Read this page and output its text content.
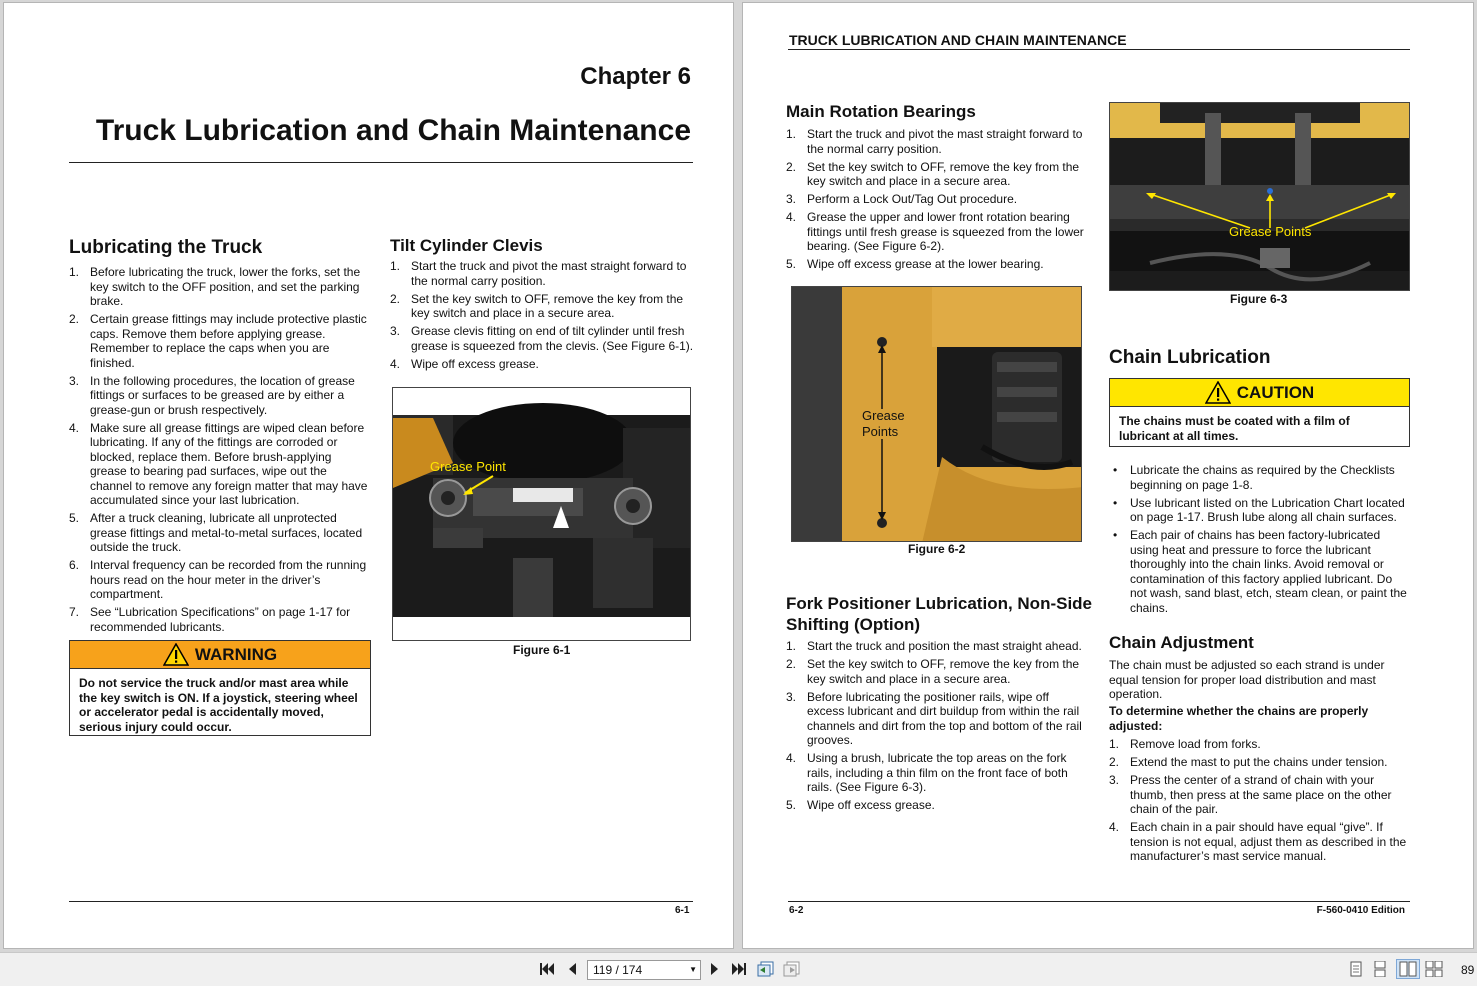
Chapter 6
Truck Lubrication and Chain Maintenance
Lubricating the Truck
1. Before lubricating the truck, lower the forks, set the key switch to the OFF position, and set the parking brake.
2. Certain grease fittings may include protective plastic caps. Remove them before applying grease. Remember to replace the caps when you are finished.
3. In the following procedures, the location of grease fittings or surfaces to be greased are by either a grease-gun or brush respectively.
4. Make sure all grease fittings are wiped clean before lubricating. If any of the fittings are corroded or blocked, replace them. Before brush-applying grease to bearing pad surfaces, wipe out the channel to remove any foreign matter that may have accumulated since your last lubrication.
5. After a truck cleaning, lubricate all unprotected grease fittings and metal-to-metal surfaces, located outside the truck.
6. Interval frequency can be recorded from the running hours read on the hour meter in the driver’s compartment.
7. See “Lubrication Specifications” on page 1-17 for recommended lubricants.
WARNING
Do not service the truck and/or mast area while the key switch is ON. If a joystick, steering wheel or accelerator pedal is accidentally moved, serious injury could occur.
Tilt Cylinder Clevis
1. Start the truck and pivot the mast straight forward to the normal carry position.
2. Set the key switch to OFF, remove the key from the key switch and place in a secure area.
3. Grease clevis fitting on end of tilt cylinder until fresh grease is squeezed from the clevis. (See Figure 6-1).
4. Wipe off excess grease.
Grease Point
Figure 6-1
6-1
TRUCK LUBRICATION AND CHAIN MAINTENANCE
Main Rotation Bearings
1. Start the truck and pivot the mast straight forward to the normal carry position.
2. Set the key switch to OFF, remove the key from the key switch and place in a secure area.
3. Perform a Lock Out/Tag Out procedure.
4. Grease the upper and lower front rotation bearing fittings until fresh grease is squeezed from the lower bearing. (See Figure 6-2).
5. Wipe off excess grease at the lower bearing.
Grease
Points
Figure 6-2
Fork Positioner Lubrication, Non-Side
Shifting (Option)
1. Start the truck and position the mast straight ahead.
2. Set the key switch to OFF, remove the key from the key switch and place in a secure area.
3. Before lubricating the positioner rails, wipe off excess lubricant and dirt buildup from within the rail channels and dirt from the top and bottom of the rail grooves.
4. Using a brush, lubricate the top areas on the fork rails, including a thin film on the front face of both rails. (See Figure 6-3).
5. Wipe off excess grease.
Grease Points
Figure 6-3
Chain Lubrication
CAUTION
The chains must be coated with a film of lubricant at all times.
• Lubricate the chains as required by the Checklists beginning on page 1-8.
• Use lubricant listed on the Lubrication Chart located on page 1-17. Brush lube along all chain surfaces.
• Each pair of chains has been factory-lubricated using heat and pressure to force the lubricant thoroughly into the chain links. Avoid removal or contamination of this factory applied lubricant. Do not wash, sand blast, etch, steam clean, or paint the chains.
Chain Adjustment
The chain must be adjusted so each strand is under equal tension for proper load distribution and mast operation.
To determine whether the chains are properly adjusted:
1. Remove load from forks.
2. Extend the mast to put the chains under tension.
3. Press the center of a strand of chain with your thumb, then press at the same place on the other chain of the pair.
4. Each chain in a pair should have equal “give”. If tension is not equal, adjust them as described in the manufacturer’s mast service manual.
6-2	F-560-0410 Edition
119 / 174	▼	89
